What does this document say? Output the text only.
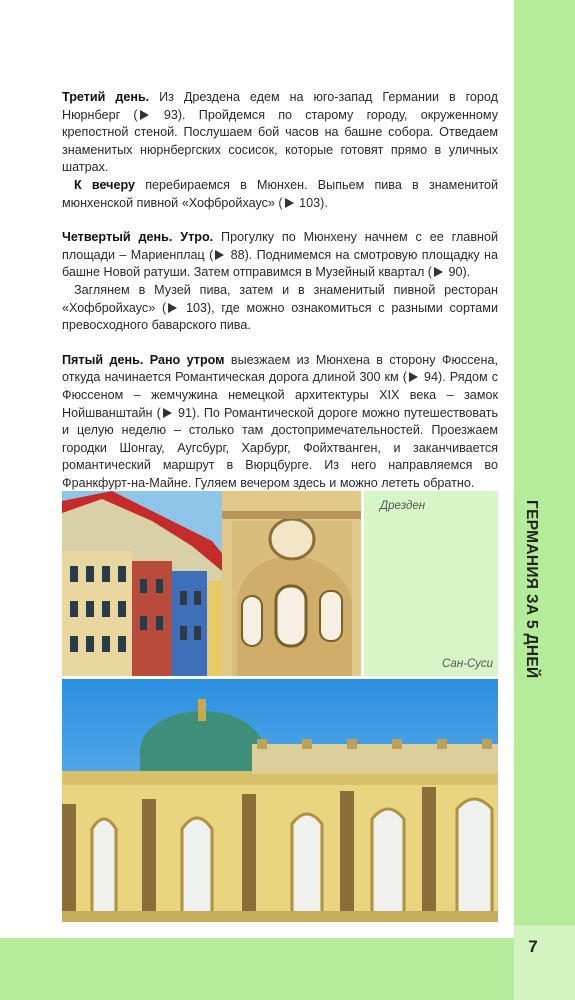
7
ГЕРМАНИЯ ЗА 5 ДНЕЙ

Третий день. Из Дрездена едем на юго-запад Германии в город Нюрнберг ( 93). Пройдемся по старому городу, окруженному крепостной стеной. Послушаем бой часов на башне собора. Отведаем знаменитых нюрнбергских сосисок, которые готовят прямо в уличных шатрах.

К вечеру перебираемся в Мюнхен. Выпьем пива в знаменитой мюнхенской пивной «Хофбройхаус» ( 103).

Четвертый день. Утро. Прогулку по Мюнхену начнем с ее главной площади – Мариенплац ( 88). Поднимемся на смотровую площадку на башне Новой ратуши. Затем отправимся в Музейный квартал ( 90).

Заглянем в Музей пива, затем и в знаменитый пивной ресторан «Хофбройхаус» ( 103), где можно ознакомиться с разными сортами превосходного баварского пива.

Пятый день. Рано утром выезжаем из Мюнхена в сторону Фюссена, откуда начинается Романтическая дорога длиной 300 км ( 94). Рядом с Фюссеном – жемчужина немецкой архитектуры XIX века – замок Нойшванштайн ( 91). По Романтической дороге можно путешествовать и целую неделю – столько там достопримечательностей. Проезжаем городки Шонгау, Аугсбург, Харбург, Фойхтванген, и заканчивается романтический маршрут в Вюрцбурге. Из него направляемся во Франкфурт-на-Майне. Гуляем вечером здесь и можно лететь обратно.

Дрезден
Сан-Суси
